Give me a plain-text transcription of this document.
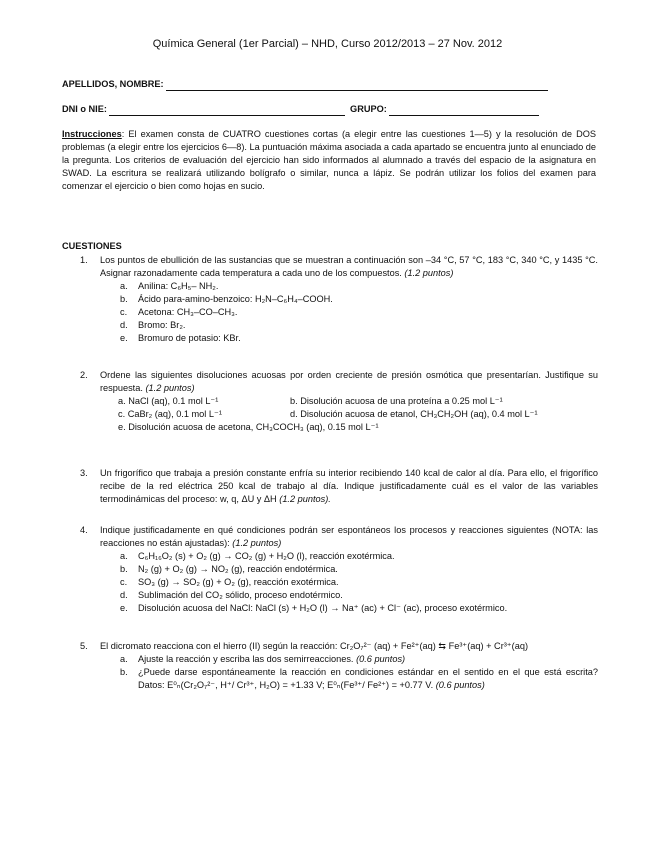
Química General (1er Parcial) – NHD, Curso 2012/2013 – 27 Nov. 2012
APELLIDOS, NOMBRE:
DNI o NIE:	GRUPO:
Instrucciones: El examen consta de CUATRO cuestiones cortas (a elegir entre las cuestiones 1—5) y la resolución de DOS problemas (a elegir entre los ejercicios 6—8). La puntuación máxima asociada a cada apartado se encuentra junto al enunciado de la pregunta. Los criterios de evaluación del ejercicio han sido informados al alumnado a través del espacio de la asignatura en SWAD. La escritura se realizará utilizando bolígrafo o similar, nunca a lápiz. Se podrán utilizar los folios del examen para comenzar el ejercicio o bien como hojas en sucio.
CUESTIONES
1. Los puntos de ebullición de las sustancias que se muestran a continuación son –34 °C, 57 °C, 183 °C, 340 °C, y 1435 °C. Asignar razonadamente cada temperatura a cada uno de los compuestos. (1.2 puntos)
a. Anilina: C₆H₅– NH₂.
b. Ácido para-amino-benzoico: H₂N–C₆H₄–COOH.
c. Acetona: CH₃–CO–CH₃.
d. Bromo: Br₂.
e. Bromuro de potasio: KBr.
2. Ordene las siguientes disoluciones acuosas por orden creciente de presión osmótica que presentarían. Justifique su respuesta. (1.2 puntos)
a. NaCl (aq), 0.1 mol L⁻¹	b. Disolución acuosa de una proteína a 0.25 mol L⁻¹
c. CaBr₂ (aq), 0.1 mol L⁻¹	d. Disolución acuosa de etanol, CH₃CH₂OH (aq), 0.4 mol L⁻¹
e. Disolución acuosa de acetona, CH₃COCH₃ (aq), 0.15 mol L⁻¹
3. Un frigorífico que trabaja a presión constante enfría su interior recibiendo 140 kcal de calor al día. Para ello, el frigorífico recibe de la red eléctrica 250 kcal de trabajo al día. Indique justificadamente cuál es el valor de las variables termodinámicas del proceso: w, q, ΔU y ΔH (1.2 puntos).
4. Indique justificadamente en qué condiciones podrán ser espontáneos los procesos y reacciones siguientes (NOTA: las reacciones no están ajustadas): (1.2 puntos)
a. C₆H₁₆O₂ (s) + O₂ (g) → CO₂ (g) + H₂O (l), reacción exotérmica.
b. N₂ (g) + O₂ (g) → NO₂ (g), reacción endotérmica.
c. SO₃ (g) → SO₂ (g) + O₂ (g), reacción exotérmica.
d. Sublimación del CO₂ sólido, proceso endotérmico.
e. Disolución acuosa del NaCl: NaCl (s) + H₂O (l) → Na⁺ (ac) + Cl⁻ (ac), proceso exotérmico.
5. El dicromato reacciona con el hierro (II) según la reacción: Cr₂O₇²⁻ (aq) + Fe²⁺(aq) ⇆ Fe³⁺(aq) + Cr³⁺(aq)
a. Ajuste la reacción y escriba las dos semirreacciones. (0.6 puntos)
b. ¿Puede darse espontáneamente la reacción en condiciones estándar en el sentido en el que está escrita? Datos: E⁰ₙ(Cr₂O₇²⁻, H⁺/ Cr³⁺, H₂O) = +1.33 V; E⁰ₙ(Fe³⁺/ Fe²⁺) = +0.77 V. (0.6 puntos)
